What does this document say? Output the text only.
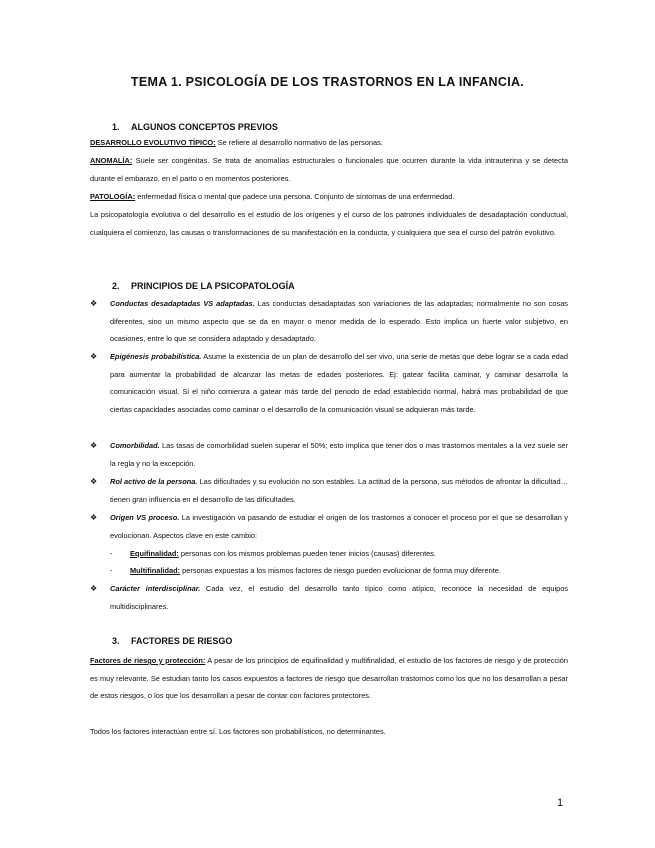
TEMA 1. PSICOLOGÍA DE LOS TRASTORNOS EN LA INFANCIA.
1. ALGUNOS CONCEPTOS PREVIOS
DESARROLLO EVOLUTIVO TÍPICO: Se refiere al desarrollo normativo de las personas.
ANOMALÍA: Suele ser congénitas. Se trata de anomalías estructurales o funcionales que ocurren durante la vida intrauterina y se detecta durante el embarazo, en el parto o en momentos posteriores.
PATOLOGÍA: enfermedad física o mental que padece una persona. Conjunto de síntomas de una enfermedad.
La psicopatología evolutiva o del desarrollo es el estudio de los orígenes y el curso de los patrones individuales de desadaptación conductual, cualquiera el comienzo, las causas o transformaciones de su manifestación en la conducta, y cualquiera que sea el curso del patrón evolutivo.
2. PRINCIPIOS DE LA PSICOPATOLOGÍA
❖	Conductas desadaptadas VS adaptadas. Las conductas desadaptadas son variaciones de las adaptadas; normalmente no son cosas diferentes, sino un mismo aspecto que se da en mayor o menor medida de lo esperado. Esto implica un fuerte valor subjetivo, en ocasiones, entre lo que se considera adaptado y desadaptado.
❖	Epigénesis probabilística. Asume la existencia de un plan de desarrollo del ser vivo, una serie de metas que debe lograr se a cada edad para aumentar la probabilidad de alcanzar las metas de edades posteriores. Ej: gatear facilita caminar, y caminar desarrolla la comunicación visual. Si el niño comienza a gatear más tarde del periodo de edad establecido normal, habrá mas probabilidad de que ciertas capacidades asociadas como caminar o el desarrollo de la comunicación visual se adquieran más tarde.
❖	Comorbilidad. Las tasas de comorbilidad suelen superar el 50%; esto implica que tener dos o mas trastornos mentales a la vez suele ser la regla y no la excepción.
❖	Rol activo de la persona. Las dificultades y su evolución no son estables. La actitud de la persona, sus métodos de afrontar la dificultad… tienen gran influencia en el desarrollo de las dificultades.
❖	Origen VS proceso. La investigación va pasando de estudiar el origen de los trastornos a conocer el proceso por el que se desarrollan y evolucionan. Aspectos clave en este cambio:
- Equifinalidad: personas con los mismos problemas pueden tener inicios (causas) diferentes.
- Multifinalidad: personas expuestas a los mismos factores de riesgo pueden evolucionar de forma muy diferente.
❖	Carácter interdisciplinar. Cada vez, el estudio del desarrollo tanto típico como atípico, reconoce la necesidad de equipos multidisciplinares.
3. FACTORES DE RIESGO
Factores de riesgo y protección: A pesar de los principios de equifinalidad y multifinalidad, el estudio de los factores de riesgo y de protección es muy relevante. Se estudian tanto los casos expuestos a factores de riesgo que desarrollan trastornos como los que no los desarrollan a pesar de estos riesgos, o los que los desarrollan a pesar de contar con factores protectores.
Todos los factores interactúan entre sí. Los factores son probabilísticos, no determinantes.
1
